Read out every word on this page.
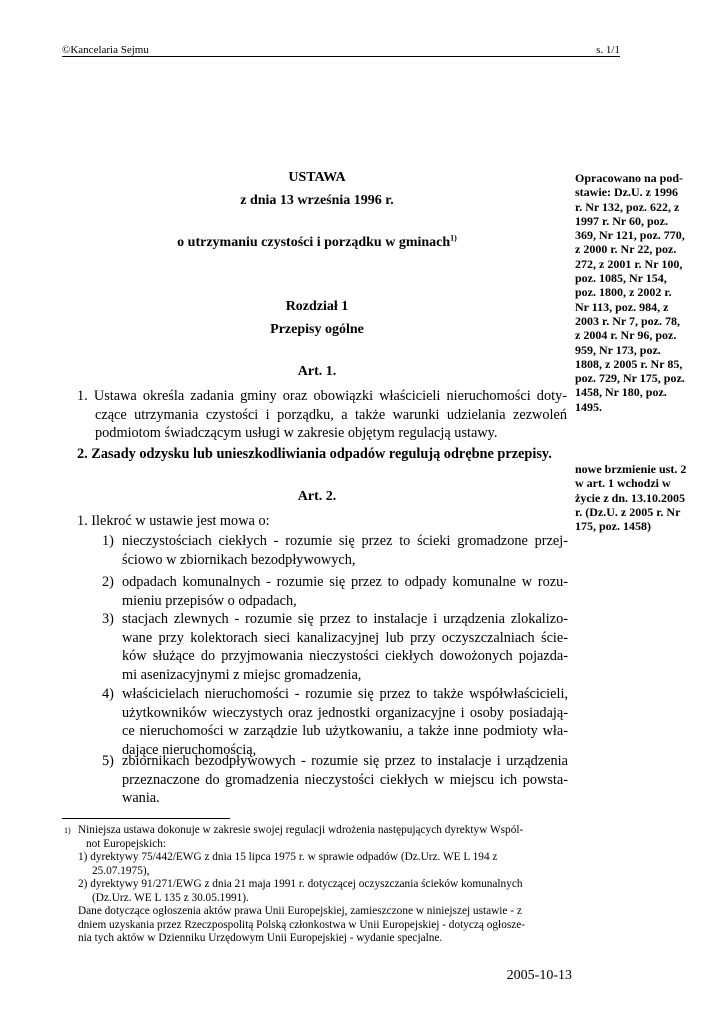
©Kancelaria Sejmu	s. 1/1
USTAWA
z dnia 13 września 1996 r.
o utrzymaniu czystości i porządku w gminach$^{1)}$
Rozdział 1
Przepisy ogólne
Art. 1.
1. Ustawa określa zadania gminy oraz obowiązki właścicieli nieruchomości doty-
czące utrzymania czystości i porządku, a także warunki udzielania zezwoleń
podmiotom świadczącym usługi w zakresie objętym regulacją ustawy.
2. Zasady odzysku lub unieszkodliwiania odpadów regulują odrębne przepisy.
Art. 2.
1. Ilekroć w ustawie jest mowa o:
1) nieczystościach ciekłych - rozumie się przez to ścieki gromadzone przej-
ściowo w zbiornikach bezodpływowych,
2) odpadach komunalnych - rozumie się przez to odpady komunalne w rozu-
mieniu przepisów o odpadach,
3) stacjach zlewnych - rozumie się przez to instalacje i urządzenia zlokalizo-
wane przy kolektorach sieci kanalizacyjnej lub przy oczyszczalniach ście-
ków służące do przyjmowania nieczystości ciekłych dowożonych pojazda-
mi asenizacyjnymi z miejsc gromadzenia,
4) właścicielach nieruchomości - rozumie się przez to także współwłaścicieli,
użytkowników wieczystych oraz jednostki organizacyjne i osoby posiadają-
ce nieruchomości w zarządzie lub użytkowaniu, a także inne podmioty wła-
dające nieruchomością,
5) zbiornikach bezodpływowych - rozumie się przez to instalacje i urządzenia
przeznaczone do gromadzenia nieczystości ciekłych w miejscu ich powsta-
wania.
Opracowano na pod-
stawie: Dz.U. z 1996
r. Nr 132, poz. 622, z
1997 r. Nr 60, poz.
369, Nr 121, poz. 770,
z 2000 r. Nr 22, poz.
272, z 2001 r. Nr 100,
poz. 1085, Nr 154,
poz. 1800, z 2002 r.
Nr 113, poz. 984, z
2003 r. Nr 7, poz. 78,
z 2004 r. Nr 96, poz.
959, Nr 173, poz.
1808, z 2005 r. Nr 85,
poz. 729, Nr 175, poz.
1458, Nr 180, poz.
1495.
nowe brzmienie ust. 2
w art. 1 wchodzi w
życie z dn. 13.10.2005
r. (Dz.U. z 2005 r. Nr
175, poz. 1458)
1) Niniejsza ustawa dokonuje w zakresie swojej regulacji wdrożenia następujących dyrektyw Wspól-
not Europejskich:
1) dyrektywy 75/442/EWG z dnia 15 lipca 1975 r. w sprawie odpadów (Dz.Urz. WE L 194 z
25.07.1975),
2) dyrektywy 91/271/EWG z dnia 21 maja 1991 r. dotyczącej oczyszczania ścieków komunalnych
(Dz.Urz. WE L 135 z 30.05.1991).
Dane dotyczące ogłoszenia aktów prawa Unii Europejskiej, zamieszczone w niniejszej ustawie - z
dniem uzyskania przez Rzeczpospolitą Polską członkostwa w Unii Europejskiej - dotyczą ogłosze-
nia tych aktów w Dzienniku Urzędowym Unii Europejskiej - wydanie specjalne.
2005-10-13
